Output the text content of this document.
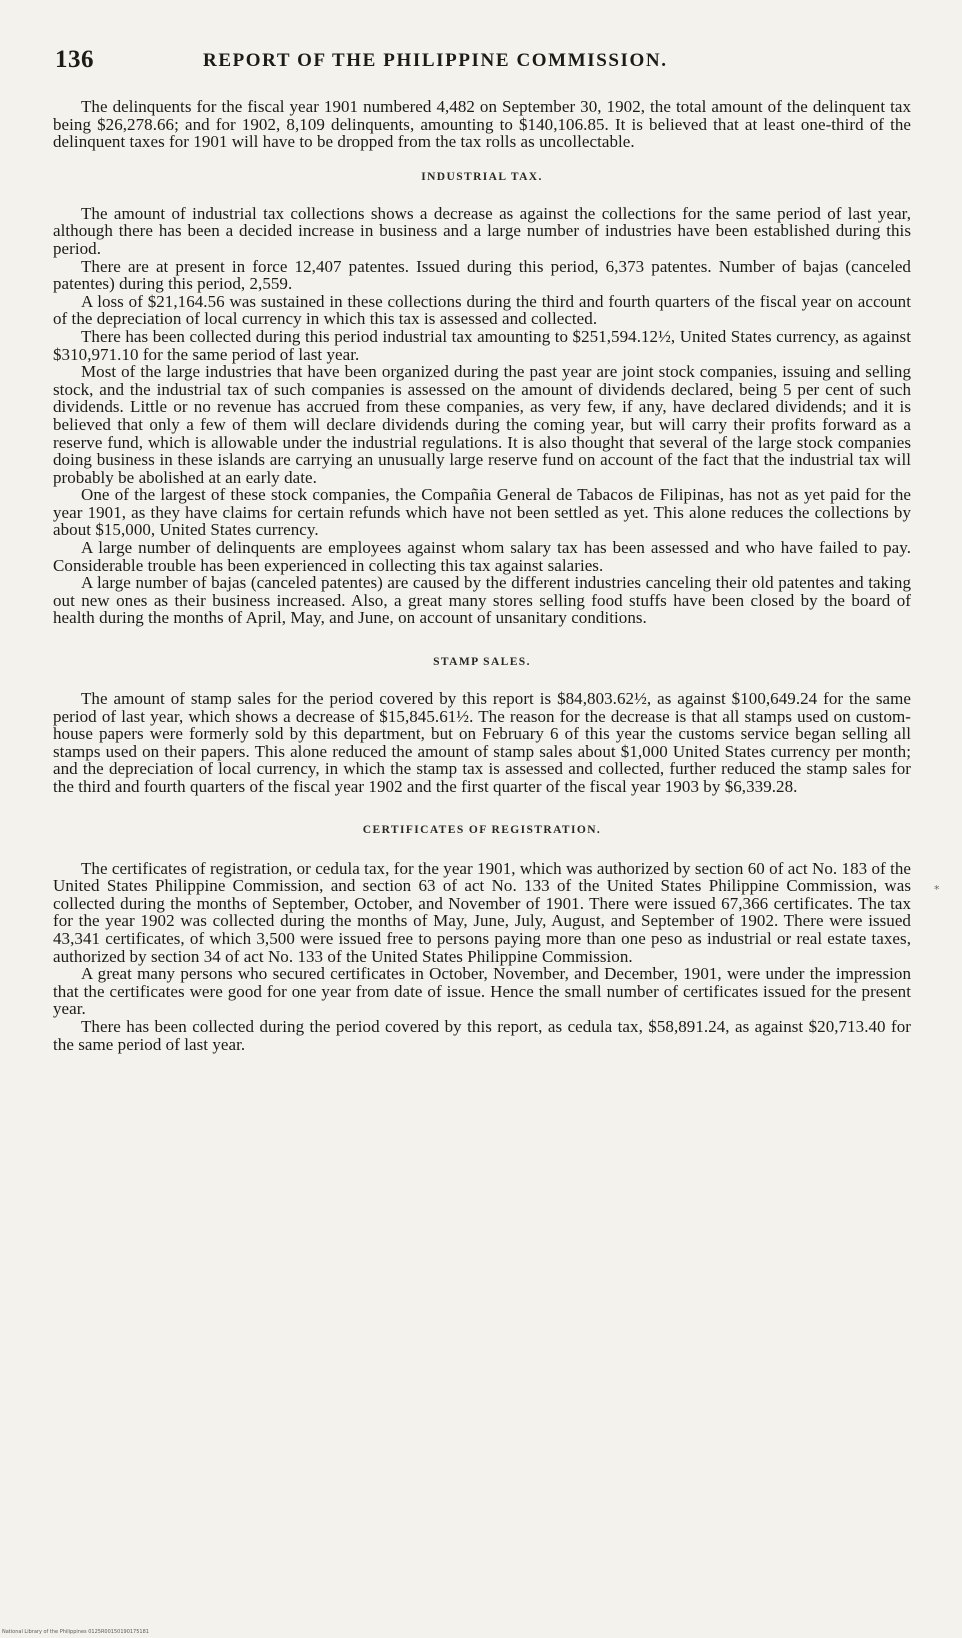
136	REPORT OF THE PHILIPPINE COMMISSION.

The delinquents for the fiscal year 1901 numbered 4,482 on September 30, 1902, the total amount of the delinquent tax being $26,278.66; and for 1902, 8,109 delinquents, amounting to $140,106.85. It is believed that at least one-third of the delinquent taxes for 1901 will have to be dropped from the tax rolls as uncollectable.

INDUSTRIAL TAX.

The amount of industrial tax collections shows a decrease as against the collections for the same period of last year, although there has been a decided increase in business and a large number of industries have been established during this period.

There are at present in force 12,407 patentes. Issued during this period, 6,373 patentes. Number of bajas (canceled patentes) during this period, 2,559.

A loss of $21,164.56 was sustained in these collections during the third and fourth quarters of the fiscal year on account of the depreciation of local currency in which this tax is assessed and collected.

There has been collected during this period industrial tax amounting to $251,594.12½, United States currency, as against $310,971.10 for the same period of last year.

Most of the large industries that have been organized during the past year are joint stock companies, issuing and selling stock, and the industrial tax of such companies is assessed on the amount of dividends declared, being 5 per cent of such dividends. Little or no revenue has accrued from these companies, as very few, if any, have declared dividends; and it is believed that only a few of them will declare dividends during the coming year, but will carry their profits forward as a reserve fund, which is allowable under the industrial regulations. It is also thought that several of the large stock companies doing business in these islands are carrying an unusually large reserve fund on account of the fact that the industrial tax will probably be abolished at an early date.

One of the largest of these stock companies, the Compañia General de Tabacos de Filipinas, has not as yet paid for the year 1901, as they have claims for certain refunds which have not been settled as yet. This alone reduces the collections by about $15,000, United States currency.

A large number of delinquents are employees against whom salary tax has been assessed and who have failed to pay. Considerable trouble has been experienced in collecting this tax against salaries.

A large number of bajas (canceled patentes) are caused by the different industries canceling their old patentes and taking out new ones as their business increased. Also, a great many stores selling food stuffs have been closed by the board of health during the months of April, May, and June, on account of unsanitary conditions.

STAMP SALES.

The amount of stamp sales for the period covered by this report is $84,803.62½, as against $100,649.24 for the same period of last year, which shows a decrease of $15,845.61½. The reason for the decrease is that all stamps used on custom-house papers were formerly sold by this department, but on February 6 of this year the customs service began selling all stamps used on their papers. This alone reduced the amount of stamp sales about $1,000 United States currency per month; and the depreciation of local currency, in which the stamp tax is assessed and collected, further reduced the stamp sales for the third and fourth quarters of the fiscal year 1902 and the first quarter of the fiscal year 1903 by $6,339.28.

CERTIFICATES OF REGISTRATION.

The certificates of registration, or cedula tax, for the year 1901, which was authorized by section 60 of act No. 183 of the United States Philippine Commission, and section 63 of act No. 133 of the United States Philippine Commission, was collected during the months of September, October, and November of 1901. There were issued 67,366 certificates. The tax for the year 1902 was collected during the months of May, June, July, August, and September of 1902. There were issued 43,341 certificates, of which 3,500 were issued free to persons paying more than one peso as industrial or real estate taxes, authorized by section 34 of act No. 133 of the United States Philippine Commission.

A great many persons who secured certificates in October, November, and December, 1901, were under the impression that the certificates were good for one year from date of issue. Hence the small number of certificates issued for the present year.

There has been collected during the period covered by this report, as cedula tax, $58,891.24, as against $20,713.40 for the same period of last year.

*
National Library of the Philippines 0125R00150190175181
